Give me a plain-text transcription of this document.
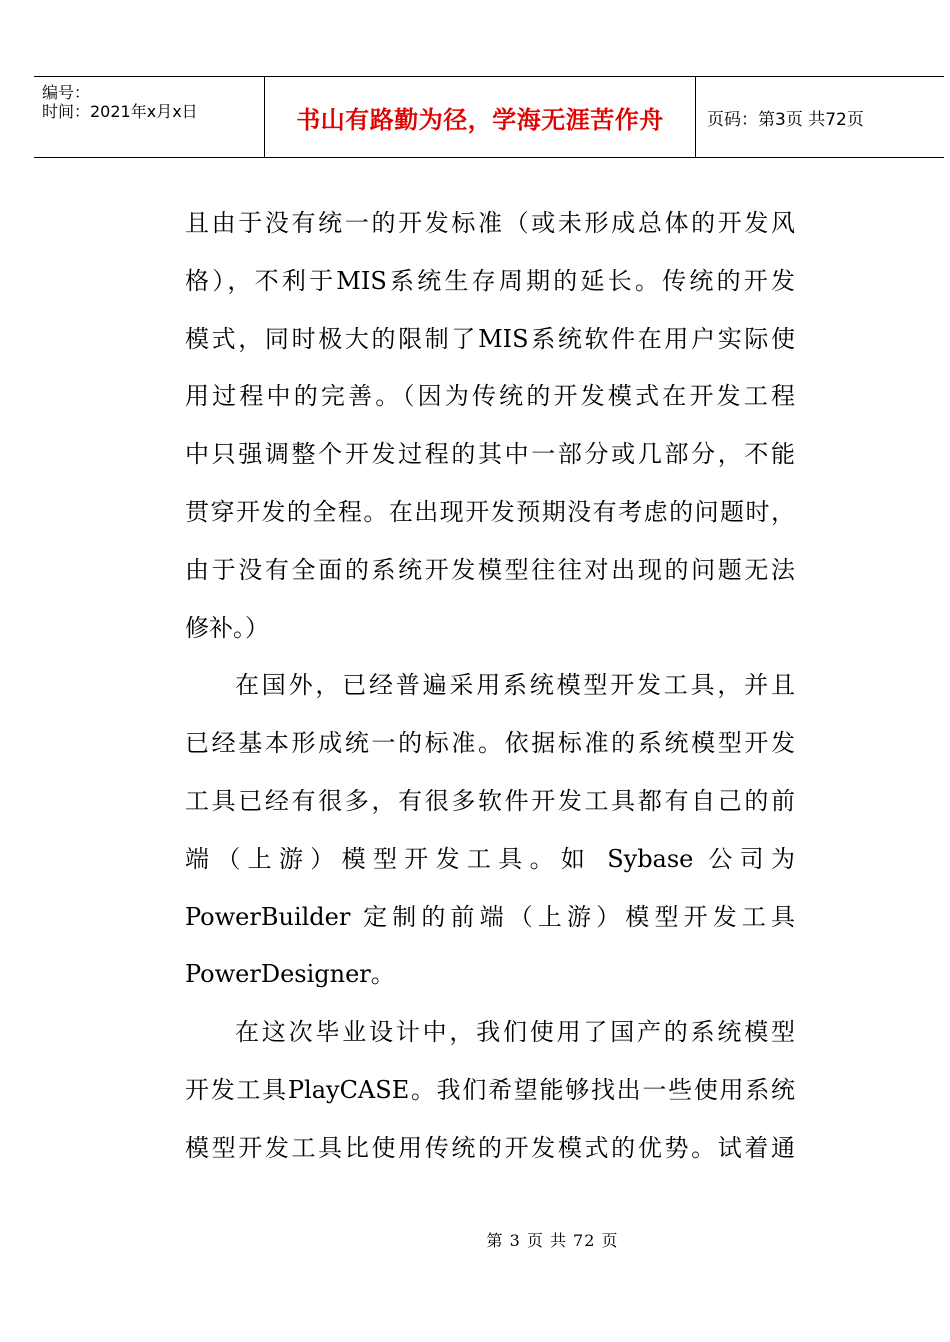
编号：
时间：2021年x月x日	书山有路勤为径，学海无涯苦作舟	页码：第3页 共72页
且由于没有统一的开发标准（或未形成总体的开发风
格），不利于MIS系统生存周期的延长。传统的开发
模式，同时极大的限制了MIS系统软件在用户实际使
用过程中的完善。（因为传统的开发模式在开发工程
中只强调整个开发过程的其中一部分或几部分，不能
贯穿开发的全程。在出现开发预期没有考虑的问题时，
由于没有全面的系统开发模型往往对出现的问题无法
修补。）
在国外，已经普遍采用系统模型开发工具，并且
已经基本形成统一的标准。依据标准的系统模型开发
工具已经有很多，有很多软件开发工具都有自己的前
端（上游）模型开发工具。如 Sybase 公司为
PowerBuilder 定制的前端（上游）模型开发工具
PowerDesigner。
在这次毕业设计中，我们使用了国产的系统模型
开发工具PlayCASE。我们希望能够找出一些使用系统
模型开发工具比使用传统的开发模式的优势。试着通
第 3 页 共 72 页
